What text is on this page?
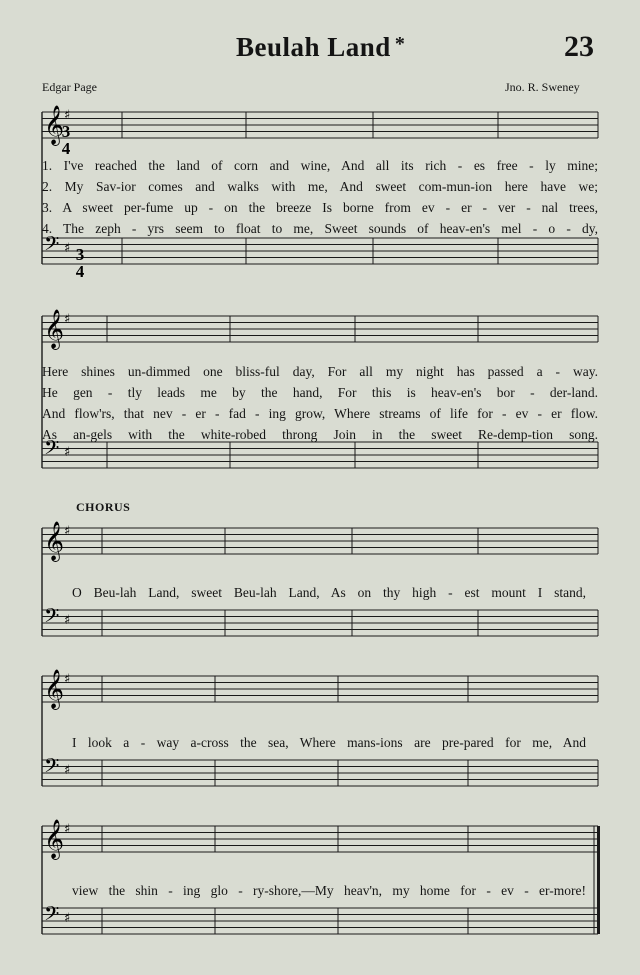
Beulah Land *	23
Edgar Page	Jno. R. Sweney
𝄞
𝄢
♯
♯
𝄞
𝄢
♯
♯
𝄞
𝄢
♯
♯
𝄞
𝄢
♯
♯
𝄞
𝄢
♯
♯
3
4
3
4
CHORUS
1. I've reached the land of corn and wine, And all its rich - es free - ly mine;
2. My Sav-ior comes and walks with me, And sweet com-mun-ion here have we;
3. A sweet per-fume up - on the breeze Is borne from ev - er - ver - nal trees,
4. The zeph - yrs seem to float to me, Sweet sounds of heav-en's mel - o - dy,
Here shines un-dimmed one bliss-ful day, For all my night has passed a - way.
He gen - tly leads me by the hand, For this is heav-en's bor - der-land.
And flow'rs, that nev - er - fad - ing grow, Where streams of life for - ev - er flow.
As an-gels with the white-robed throng Join in the sweet Re-demp-tion song.
O Beu-lah Land, sweet Beu-lah Land, As on thy high - est mount I stand,
I look a - way a-cross the sea, Where mans-ions are pre-pared for me, And
view the shin - ing glo - ry-shore,—My heav'n, my home for - ev - er-more!
